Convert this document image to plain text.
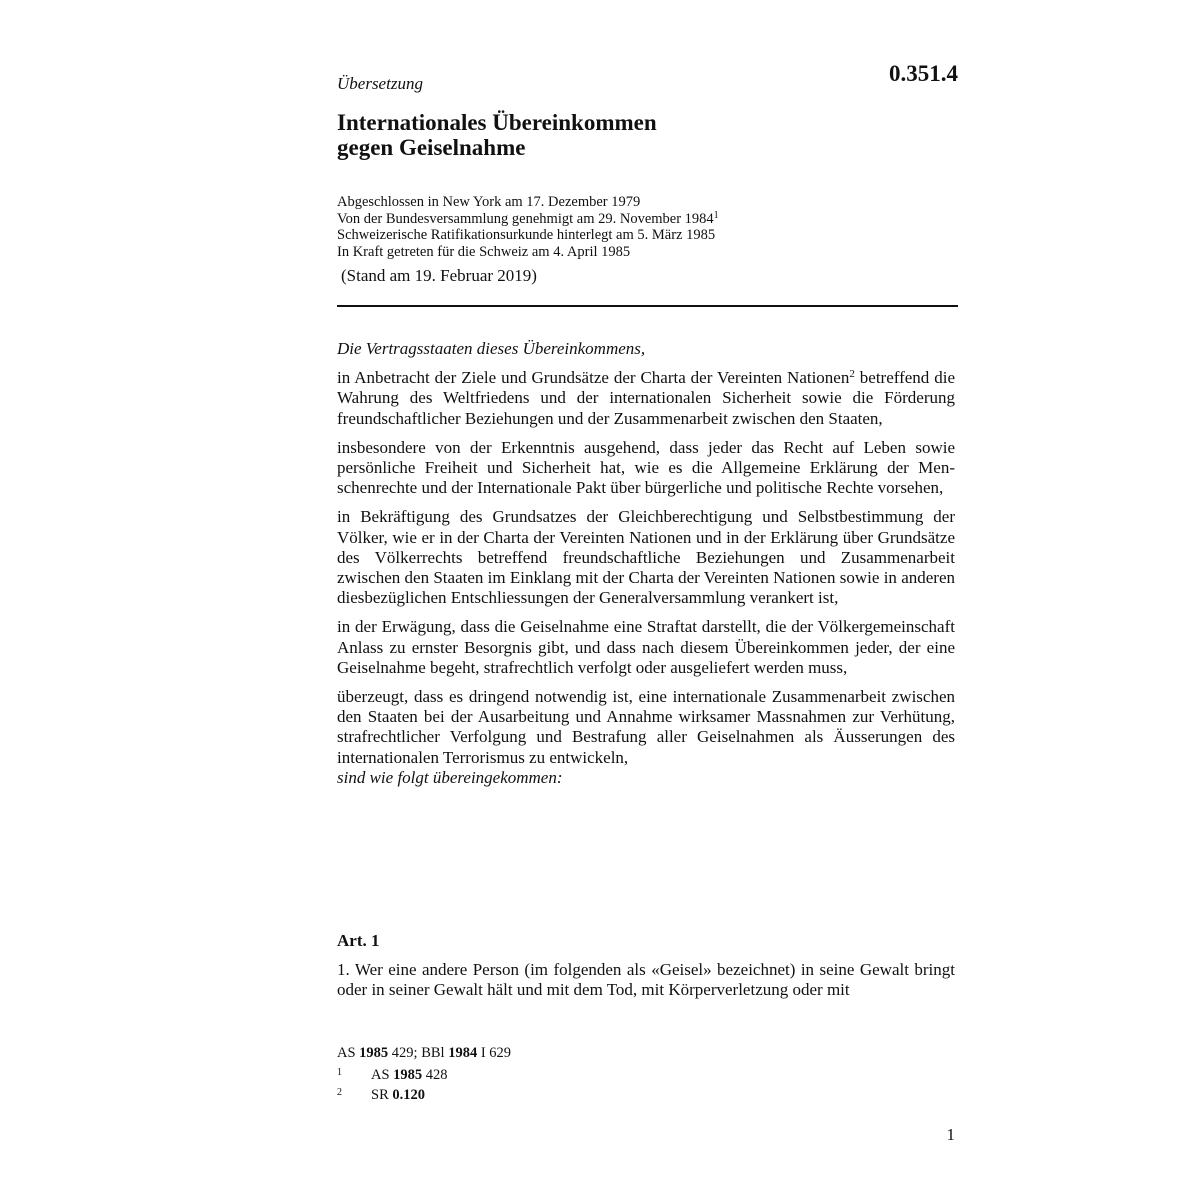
Übersetzung	0.351.4
Internationales Übereinkommen
gegen Geiselnahme
Abgeschlossen in New York am 17. Dezember 1979
Von der Bundesversammlung genehmigt am 29. November 1984$^1$
Schweizerische Ratifikationsurkunde hinterlegt am 5. März 1985
In Kraft getreten für die Schweiz am 4. April 1985
(Stand am 19. Februar 2019)

Die Vertragsstaaten dieses Übereinkommens,

in Anbetracht der Ziele und Grundsätze der Charta der Vereinten Nationen$^2$ betreffend die Wahrung des Weltfriedens und der internationalen Sicherheit sowie die Förderung freundschaftlicher Beziehungen und der Zusammenarbeit zwischen den Staaten,

insbesondere von der Erkenntnis ausgehend, dass jeder das Recht auf Leben sowie persönliche Freiheit und Sicherheit hat, wie es die Allgemeine Erklärung der Menschenrechte und der Internationale Pakt über bürgerliche und politische Rechte vorsehen,

in Bekräftigung des Grundsatzes der Gleichberechtigung und Selbstbestimmung der Völker, wie er in der Charta der Vereinten Nationen und in der Erklärung über Grundsätze des Völkerrechts betreffend freundschaftliche Beziehungen und Zusammenarbeit zwischen den Staaten im Einklang mit der Charta der Vereinten Nationen sowie in anderen diesbezüglichen Entschliessungen der Generalversammlung verankert ist,

in der Erwägung, dass die Geiselnahme eine Straftat darstellt, die der Völkergemeinschaft Anlass zu ernster Besorgnis gibt, und dass nach diesem Übereinkommen jeder, der eine Geiselnahme begeht, strafrechtlich verfolgt oder ausgeliefert werden muss,

überzeugt, dass es dringend notwendig ist, eine internationale Zusammenarbeit zwischen den Staaten bei der Ausarbeitung und Annahme wirksamer Massnahmen zur Verhütung, strafrechtlicher Verfolgung und Bestrafung aller Geiselnahmen als Äusserungen des internationalen Terrorismus zu entwickeln,

sind wie folgt übereingekommen:

Art. 1
1. Wer eine andere Person (im folgenden als «Geisel» bezeichnet) in seine Gewalt bringt oder in seiner Gewalt hält und mit dem Tod, mit Körperverletzung oder mit
AS 1985 429; BBl 1984 I 629
1 AS 1985 428
2 SR 0.120
1
